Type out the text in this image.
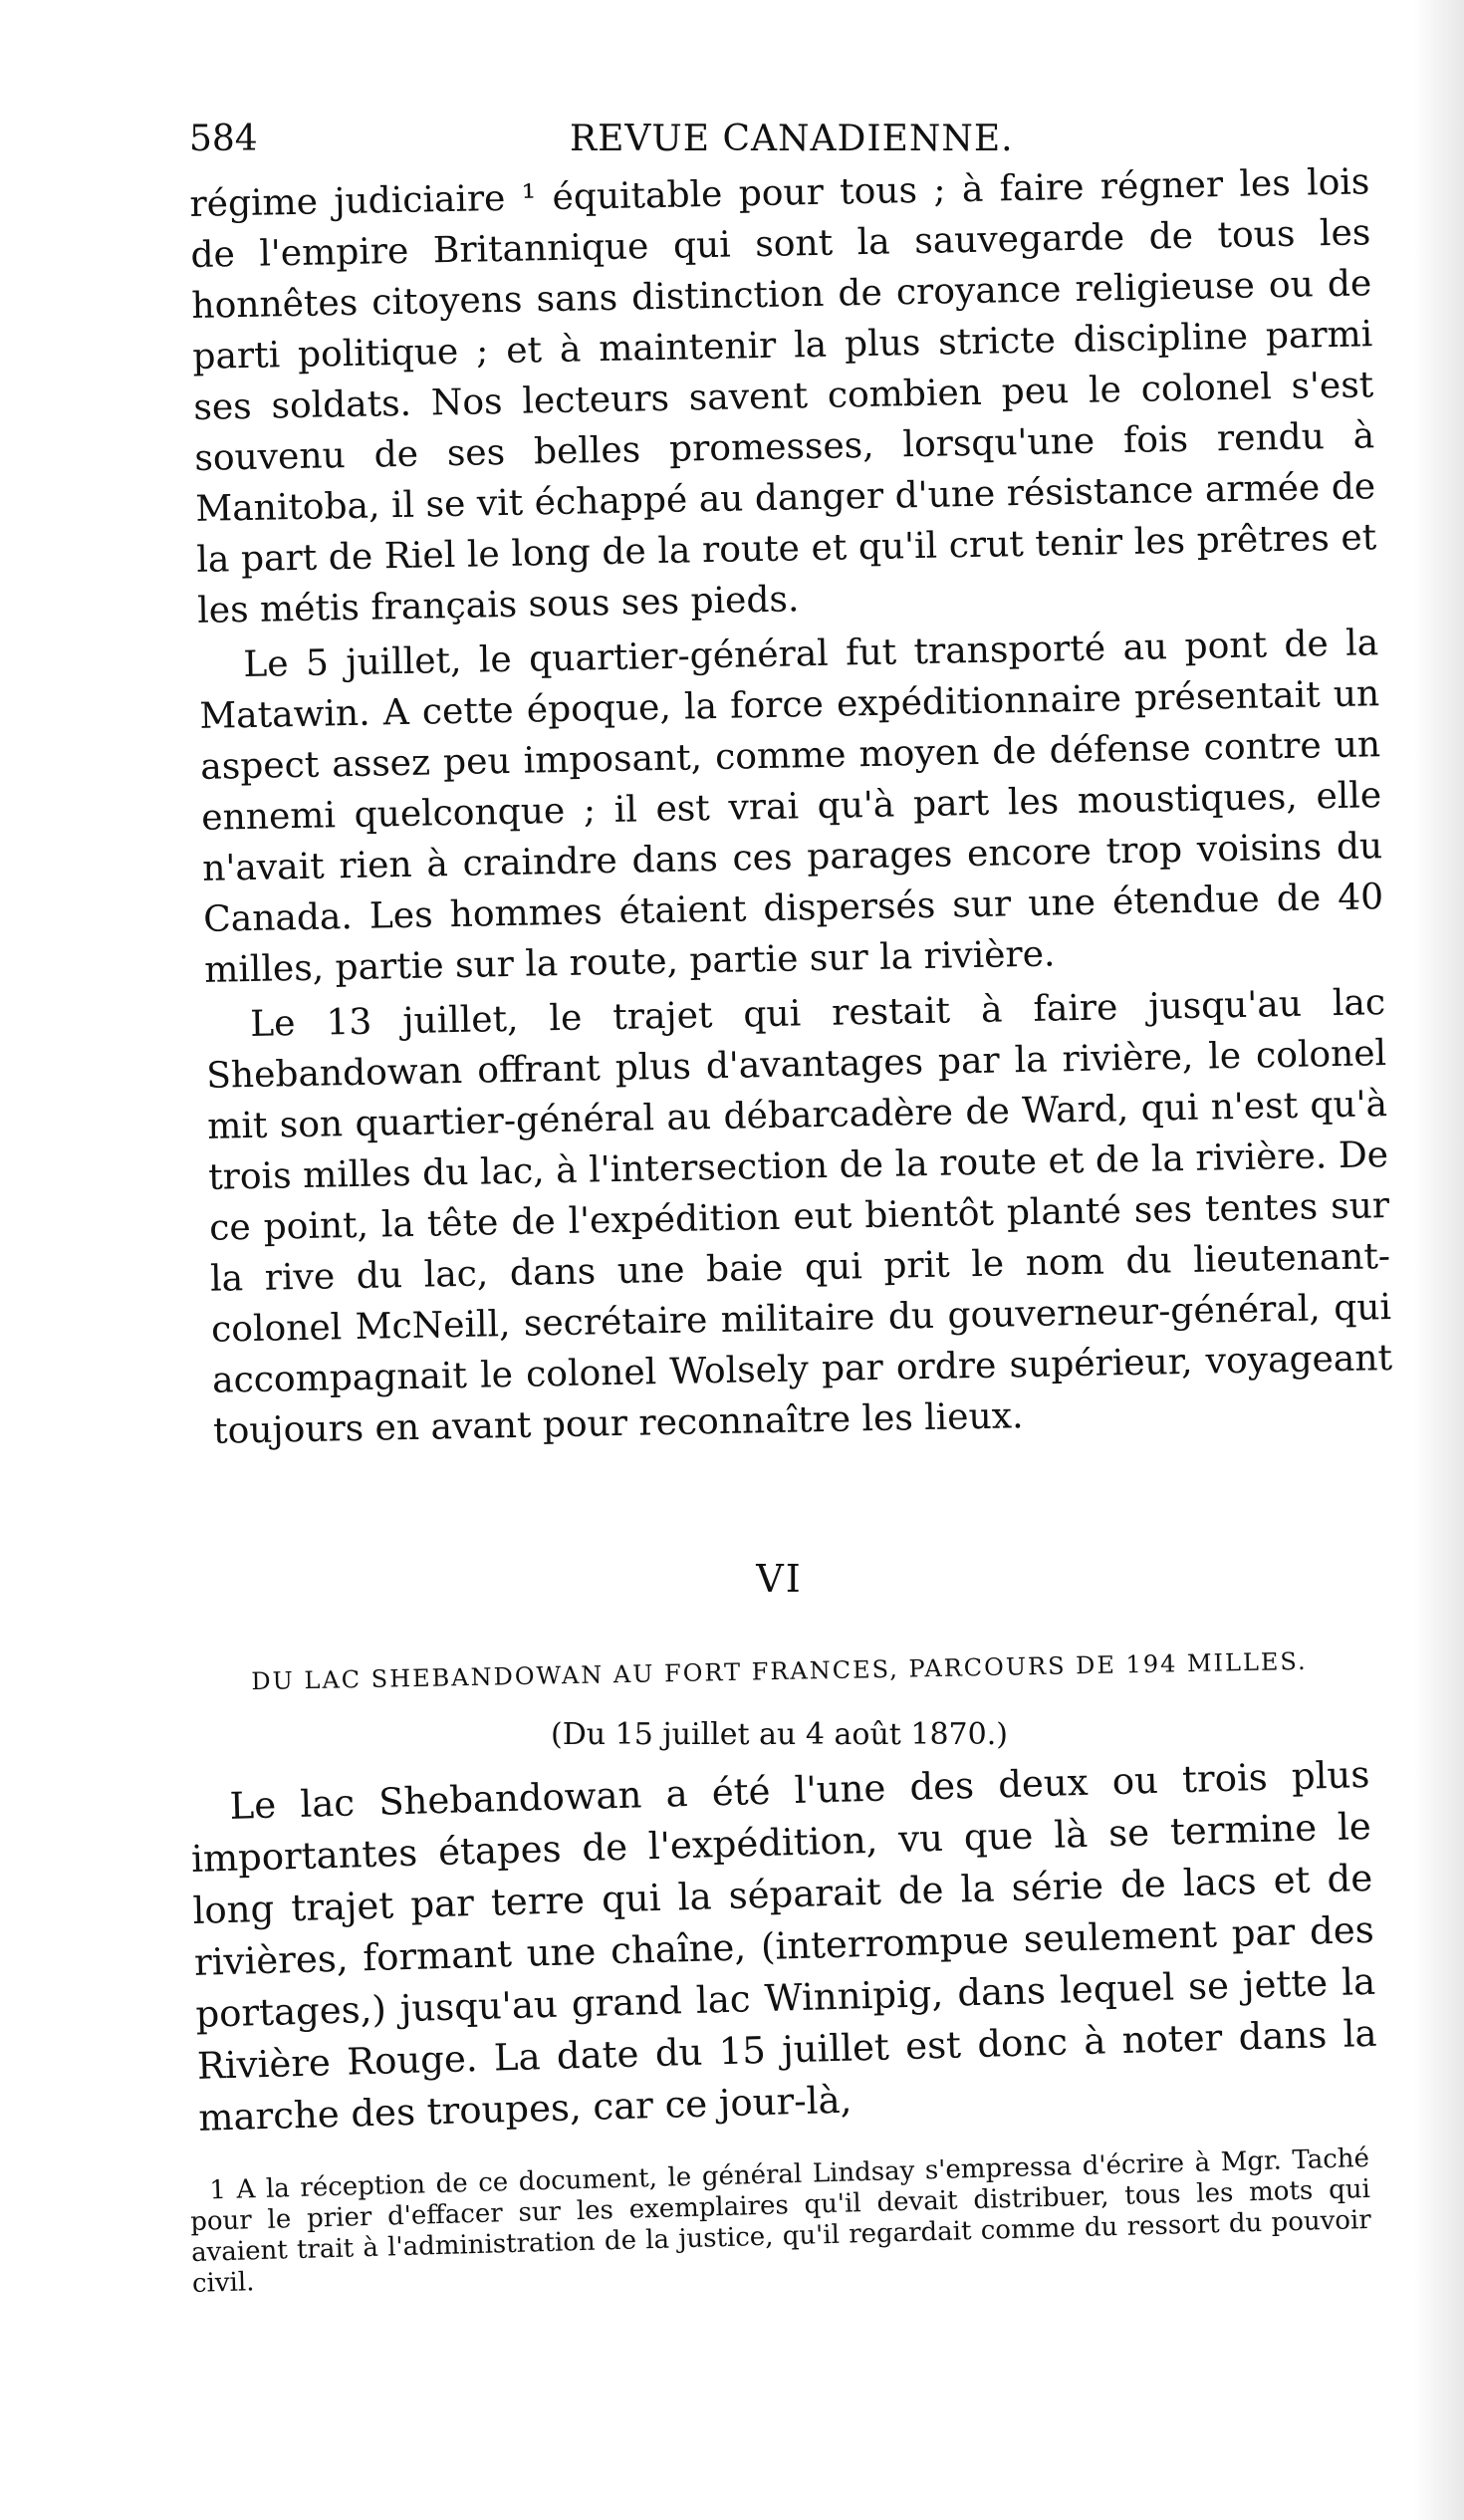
584	REVUE CANADIENNE.

régime judiciaire ¹ équitable pour tous ; à faire régner les lois de l'empire Britannique qui sont la sauvegarde de tous les honnêtes citoyens sans distinction de croyance religieuse ou de parti politique ; et à maintenir la plus stricte discipline parmi ses soldats. Nos lecteurs savent combien peu le colonel s'est souvenu de ses belles promesses, lorsqu'une fois rendu à Manitoba, il se vit échappé au danger d'une résistance armée de la part de Riel le long de la route et qu'il crut tenir les prêtres et les métis français sous ses pieds.

Le 5 juillet, le quartier-général fut transporté au pont de la Matawin. A cette époque, la force expéditionnaire présentait un aspect assez peu imposant, comme moyen de défense contre un ennemi quelconque ; il est vrai qu'à part les moustiques, elle n'avait rien à craindre dans ces parages encore trop voisins du Canada. Les hommes étaient dispersés sur une étendue de 40 milles, partie sur la route, partie sur la rivière.

Le 13 juillet, le trajet qui restait à faire jusqu'au lac Shebandowan offrant plus d'avantages par la rivière, le colonel mit son quartier-général au débarcadère de Ward, qui n'est qu'à trois milles du lac, à l'intersection de la route et de la rivière. De ce point, la tête de l'expédition eut bientôt planté ses tentes sur la rive du lac, dans une baie qui prit le nom du lieutenant-colonel McNeill, secrétaire militaire du gouverneur-général, qui accompagnait le colonel Wolsely par ordre supérieur, voyageant toujours en avant pour reconnaître les lieux.

VI
DU LAC SHEBANDOWAN AU FORT FRANCES, PARCOURS DE 194 MILLES.
(Du 15 juillet au 4 août 1870.)

Le lac Shebandowan a été l'une des deux ou trois plus importantes étapes de l'expédition, vu que là se termine le long trajet par terre qui la séparait de la série de lacs et de rivières, formant une chaîne, (interrompue seulement par des portages,) jusqu'au grand lac Winnipig, dans lequel se jette la Rivière Rouge. La date du 15 juillet est donc à noter dans la marche des troupes, car ce jour-là,

1 A la réception de ce document, le général Lindsay s'empressa d'écrire à Mgr. Taché pour le prier d'effacer sur les exemplaires qu'il devait distribuer, tous les mots qui avaient trait à l'administration de la justice, qu'il regardait comme du ressort du pouvoir civil.
